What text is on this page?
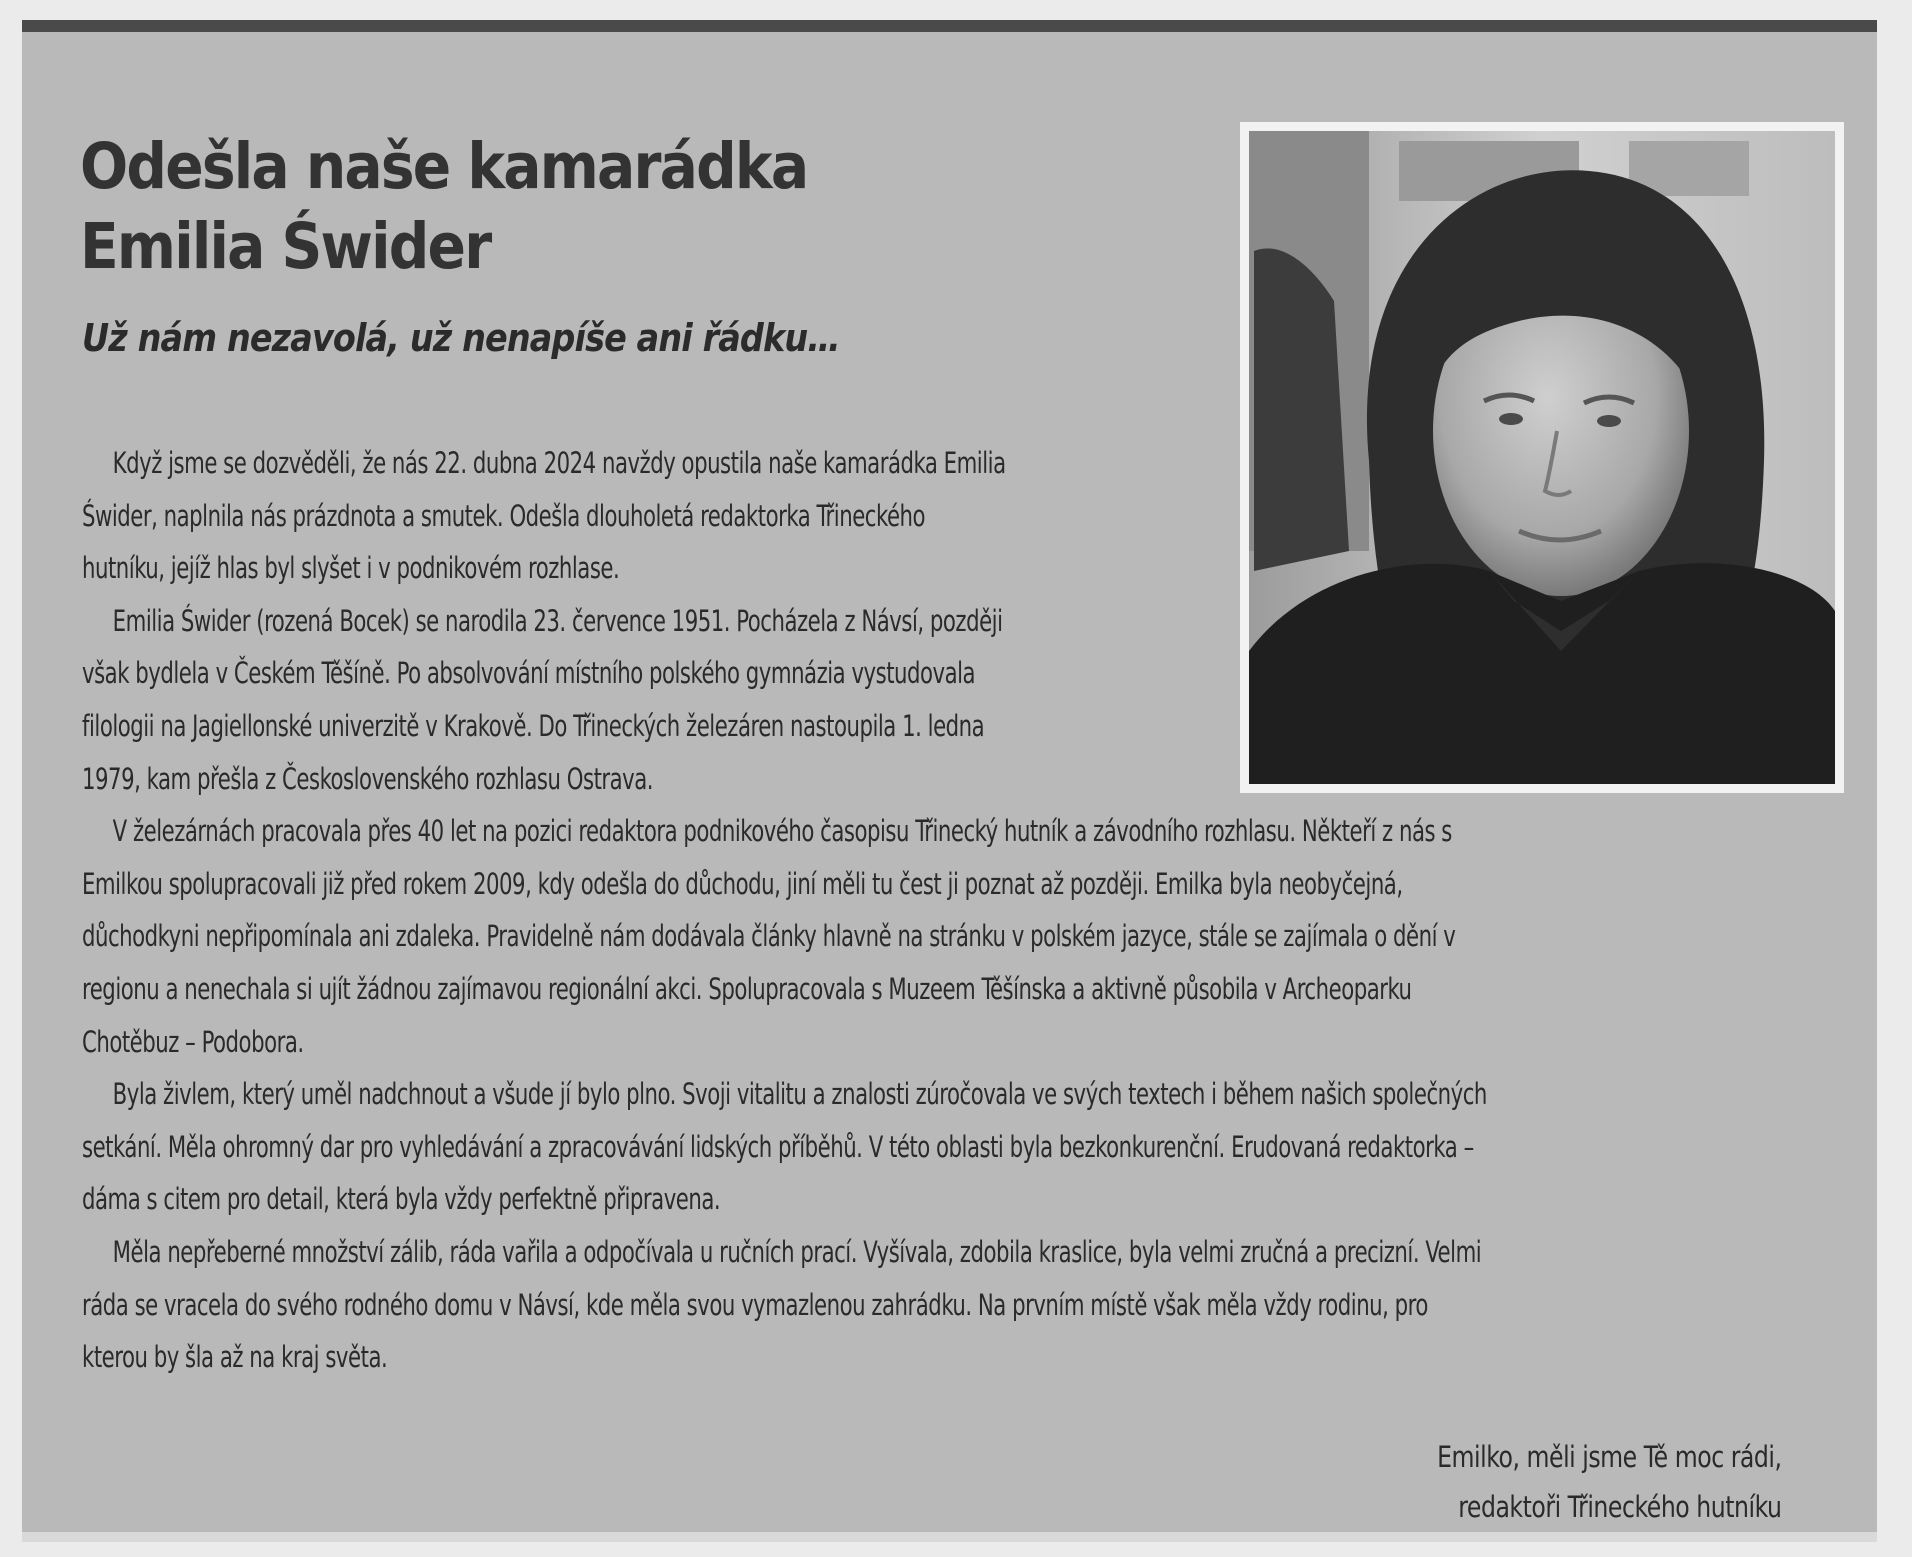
Odešla naše kamarádka
Emilia Świder
Už nám nezavolá, už nenapíše ani řádku…

Když jsme se dozvěděli, že nás 22. dubna 2024 navždy opustila naše kamarádka Emilia Świder, naplnila nás prázdnota a smutek. Odešla dlouholetá redaktorka Třineckého hutníku, jejíž hlas byl slyšet i v podnikovém rozhlase.

Emilia Świder (rozená Bocek) se narodila 23. července 1951. Pocházela z Návsí, později však bydlela v Českém Těšíně. Po absolvování místního polského gymnázia vystudovala filologii na Jagiellonské univerzitě v Krakově. Do Třineckých železáren nastoupila 1. ledna 1979, kam přešla z Československého rozhlasu Ostrava.

V železárnách pracovala přes 40 let na pozici redaktora podnikového časopisu Třinecký hutník a závodního rozhlasu. Někteří z nás s Emilkou spolupracovali již před rokem 2009, kdy odešla do důchodu, jiní měli tu čest ji poznat až později. Emilka byla neobyčejná, důchodkyni nepřipomínala ani zdaleka. Pravidelně nám dodávala články hlavně na stránku v polském jazyce, stále se zajímala o dění v regionu a nenechala si ujít žádnou zajímavou regionální akci. Spolupracovala s Muzeem Těšínska a aktivně působila v Archeoparku Chotěbuz – Podobora.

Byla živlem, který uměl nadchnout a všude jí bylo plno. Svoji vitalitu a znalosti zúročovala ve svých textech i během našich společných setkání. Měla ohromný dar pro vyhledávání a zpracovávání lidských příběhů. V této oblasti byla bezkonkurenční. Erudovaná redaktorka – dáma s citem pro detail, která byla vždy perfektně připravena.

Měla nepřeberné množství zálib, ráda vařila a odpočívala u ručních prací. Vyšívala, zdobila kraslice, byla velmi zručná a precizní. Velmi ráda se vracela do svého rodného domu v Návsí, kde měla svou vymazlenou zahrádku. Na prvním místě však měla vždy rodinu, pro kterou by šla až na kraj světa.

Emilko, měli jsme Tě moc rádi,
redaktoři Třineckého hutníku
